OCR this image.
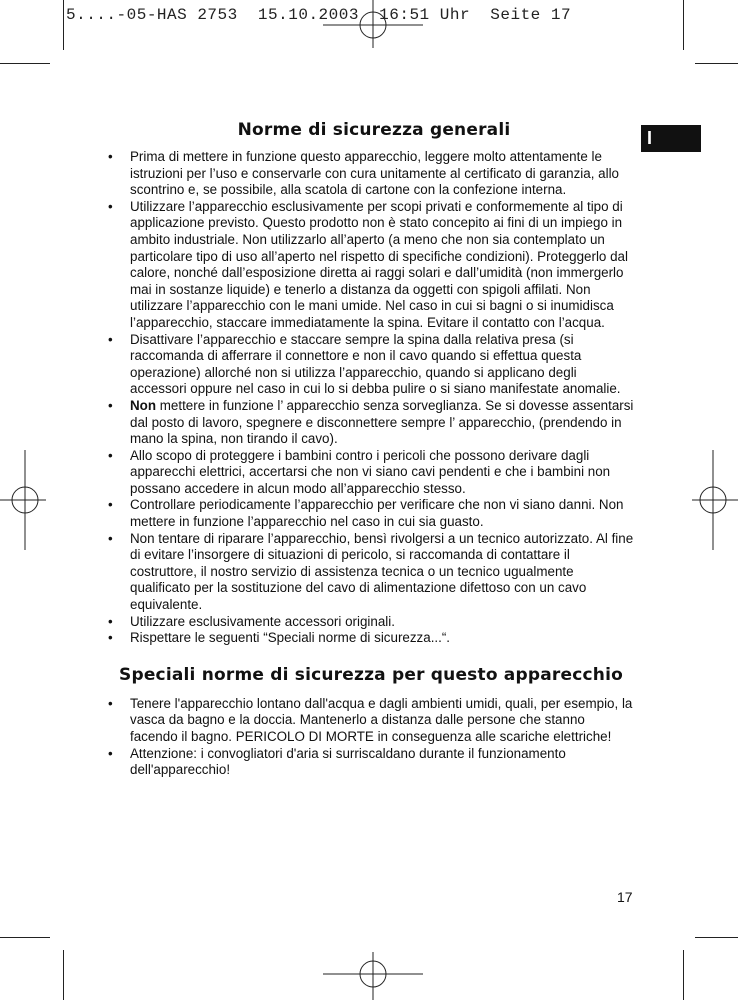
5....-05-HAS 2753  15.10.2003  16:51 Uhr  Seite 17
I
Norme di sicurezza generali
• Prima di mettere in funzione questo apparecchio, leggere molto attentamente le istruzioni per l’uso e conservarle con cura unitamente al certificato di garanzia, allo scontrino e, se possibile, alla scatola di cartone con la confezione interna.
• Utilizzare l’apparecchio esclusivamente per scopi privati e conformemente al tipo di applicazione previsto. Questo prodotto non è stato concepito ai fini di un impiego in ambito industriale. Non utilizzarlo all’aperto (a meno che non sia contemplato un particolare tipo di uso all’aperto nel rispetto di specifiche condizioni). Proteggerlo dal calore, nonché dall’esposizione diretta ai raggi solari e dall’umidità (non immergerlo mai in sostanze liquide) e tenerlo a distanza da oggetti con spigoli affilati. Non utilizzare l’apparecchio con le mani umide. Nel caso in cui si bagni o si inumidisca l’apparecchio, staccare immediatamente la spina. Evitare il contatto con l’acqua.
• Disattivare l’apparecchio e staccare sempre la spina dalla relativa presa (si raccomanda di afferrare il connettore e non il cavo quando si effettua questa operazione) allorché non si utilizza l’apparecchio, quando si applicano degli accessori oppure nel caso in cui lo si debba pulire o si siano manifestate anomalie.
• Non mettere in funzione l’ apparecchio senza sorveglianza. Se si dovesse assentarsi dal posto di lavoro, spegnere e disconnettere sempre l’ apparecchio, (prendendo in mano la spina, non tirando il cavo).
• Allo scopo di proteggere i bambini contro i pericoli che possono derivare dagli apparecchi elettrici, accertarsi che non vi siano cavi pendenti e che i bambini non possano accedere in alcun modo all’apparecchio stesso.
• Controllare periodicamente l’apparecchio per verificare che non vi siano danni. Non mettere in funzione l’apparecchio nel caso in cui sia guasto.
• Non tentare di riparare l’apparecchio, bensì rivolgersi a un tecnico autorizzato. Al fine di evitare l’insorgere di situazioni di pericolo, si raccomanda di contattare il costruttore, il nostro servizio di assistenza tecnica o un tecnico ugualmente qualificato per la sostituzione del cavo di alimentazione difettoso con un cavo equivalente.
• Utilizzare esclusivamente accessori originali.
• Rispettare le seguenti “Speciali norme di sicurezza...“.
Speciali norme di sicurezza per questo apparecchio
• Tenere l'apparecchio lontano dall'acqua e dagli ambienti umidi, quali, per esempio, la vasca da bagno e la doccia. Mantenerlo a distanza dalle persone che stanno facendo il bagno. PERICOLO DI MORTE in conseguenza alle scariche elettriche!
• Attenzione: i convogliatori d'aria si surriscaldano durante il funzionamento dell'apparecchio!
17
